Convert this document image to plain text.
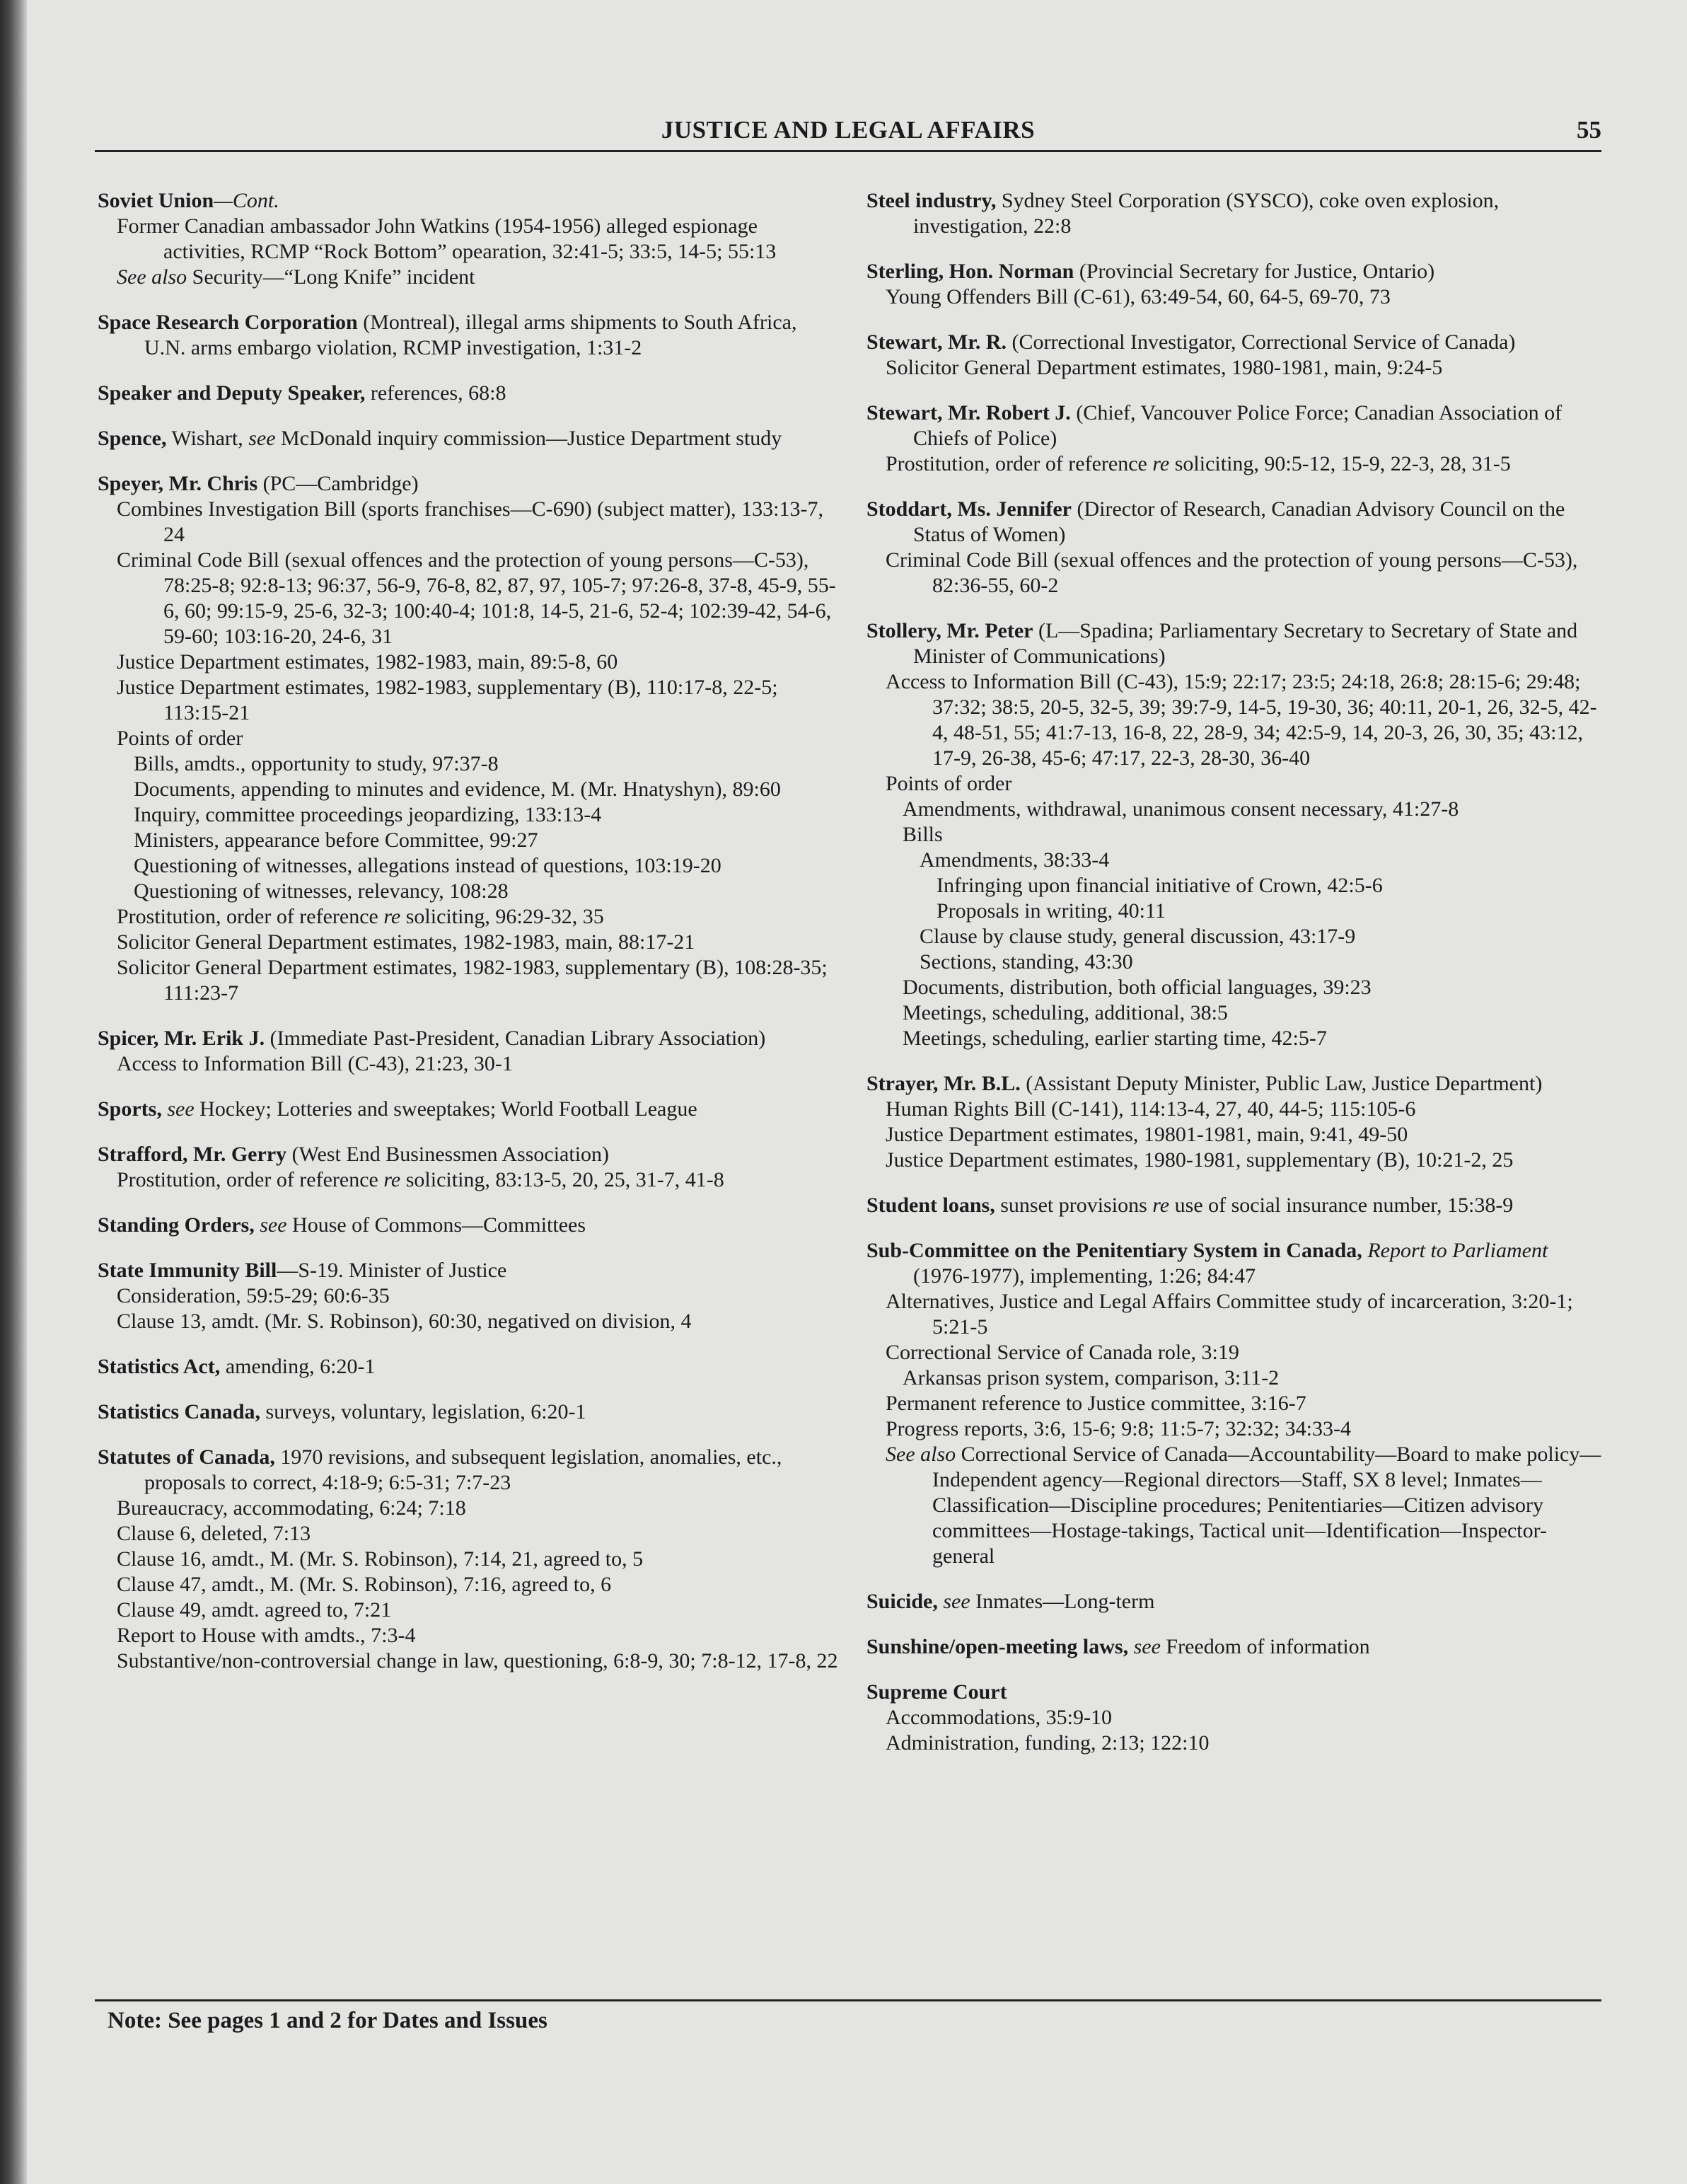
JUSTICE AND LEGAL AFFAIRS	55
Soviet Union—Cont.
Former Canadian ambassador John Watkins (1954-1956) alleged espionage activities, RCMP “Rock Bottom” opearation, 32:41-5; 33:5, 14-5; 55:13
See also Security—“Long Knife” incident
Space Research Corporation (Montreal), illegal arms shipments to South Africa, U.N. arms embargo violation, RCMP investigation, 1:31-2
Speaker and Deputy Speaker, references, 68:8
Spence, Wishart, see McDonald inquiry commission—Justice Department study
Speyer, Mr. Chris (PC—Cambridge)
Combines Investigation Bill (sports franchises—C-690) (subject matter), 133:13-7, 24
Criminal Code Bill (sexual offences and the protection of young persons—C-53), 78:25-8; 92:8-13; 96:37, 56-9, 76-8, 82, 87, 97, 105-7; 97:26-8, 37-8, 45-9, 55-6, 60; 99:15-9, 25-6, 32-3; 100:40-4; 101:8, 14-5, 21-6, 52-4; 102:39-42, 54-6, 59-60; 103:16-20, 24-6, 31
Justice Department estimates, 1982-1983, main, 89:5-8, 60
Justice Department estimates, 1982-1983, supplementary (B), 110:17-8, 22-5; 113:15-21
Points of order
Bills, amdts., opportunity to study, 97:37-8
Documents, appending to minutes and evidence, M. (Mr. Hnatyshyn), 89:60
Inquiry, committee proceedings jeopardizing, 133:13-4
Ministers, appearance before Committee, 99:27
Questioning of witnesses, allegations instead of questions, 103:19-20
Questioning of witnesses, relevancy, 108:28
Prostitution, order of reference re soliciting, 96:29-32, 35
Solicitor General Department estimates, 1982-1983, main, 88:17-21
Solicitor General Department estimates, 1982-1983, supplementary (B), 108:28-35; 111:23-7
Spicer, Mr. Erik J. (Immediate Past-President, Canadian Library Association)
Access to Information Bill (C-43), 21:23, 30-1
Sports, see Hockey; Lotteries and sweeptakes; World Football League
Strafford, Mr. Gerry (West End Businessmen Association)
Prostitution, order of reference re soliciting, 83:13-5, 20, 25, 31-7, 41-8
Standing Orders, see House of Commons—Committees
State Immunity Bill—S-19. Minister of Justice
Consideration, 59:5-29; 60:6-35
Clause 13, amdt. (Mr. S. Robinson), 60:30, negatived on division, 4
Statistics Act, amending, 6:20-1
Statistics Canada, surveys, voluntary, legislation, 6:20-1
Statutes of Canada, 1970 revisions, and subsequent legislation, anomalies, etc., proposals to correct, 4:18-9; 6:5-31; 7:7-23
Bureaucracy, accommodating, 6:24; 7:18
Clause 6, deleted, 7:13
Clause 16, amdt., M. (Mr. S. Robinson), 7:14, 21, agreed to, 5
Clause 47, amdt., M. (Mr. S. Robinson), 7:16, agreed to, 6
Clause 49, amdt. agreed to, 7:21
Report to House with amdts., 7:3-4
Substantive/non-controversial change in law, questioning, 6:8-9, 30; 7:8-12, 17-8, 22
Steel industry, Sydney Steel Corporation (SYSCO), coke oven explosion, investigation, 22:8
Sterling, Hon. Norman (Provincial Secretary for Justice, Ontario)
Young Offenders Bill (C-61), 63:49-54, 60, 64-5, 69-70, 73
Stewart, Mr. R. (Correctional Investigator, Correctional Service of Canada)
Solicitor General Department estimates, 1980-1981, main, 9:24-5
Stewart, Mr. Robert J. (Chief, Vancouver Police Force; Canadian Association of Chiefs of Police)
Prostitution, order of reference re soliciting, 90:5-12, 15-9, 22-3, 28, 31-5
Stoddart, Ms. Jennifer (Director of Research, Canadian Advisory Council on the Status of Women)
Criminal Code Bill (sexual offences and the protection of young persons—C-53), 82:36-55, 60-2
Stollery, Mr. Peter (L—Spadina; Parliamentary Secretary to Secretary of State and Minister of Communications)
Access to Information Bill (C-43), 15:9; 22:17; 23:5; 24:18, 26:8; 28:15-6; 29:48; 37:32; 38:5, 20-5, 32-5, 39; 39:7-9, 14-5, 19-30, 36; 40:11, 20-1, 26, 32-5, 42-4, 48-51, 55; 41:7-13, 16-8, 22, 28-9, 34; 42:5-9, 14, 20-3, 26, 30, 35; 43:12, 17-9, 26-38, 45-6; 47:17, 22-3, 28-30, 36-40
Points of order
Amendments, withdrawal, unanimous consent necessary, 41:27-8
Bills
Amendments, 38:33-4
Infringing upon financial initiative of Crown, 42:5-6
Proposals in writing, 40:11
Clause by clause study, general discussion, 43:17-9
Sections, standing, 43:30
Documents, distribution, both official languages, 39:23
Meetings, scheduling, additional, 38:5
Meetings, scheduling, earlier starting time, 42:5-7
Strayer, Mr. B.L. (Assistant Deputy Minister, Public Law, Justice Department)
Human Rights Bill (C-141), 114:13-4, 27, 40, 44-5; 115:105-6
Justice Department estimates, 19801-1981, main, 9:41, 49-50
Justice Department estimates, 1980-1981, supplementary (B), 10:21-2, 25
Student loans, sunset provisions re use of social insurance number, 15:38-9
Sub-Committee on the Penitentiary System in Canada, Report to Parliament (1976-1977), implementing, 1:26; 84:47
Alternatives, Justice and Legal Affairs Committee study of incarceration, 3:20-1; 5:21-5
Correctional Service of Canada role, 3:19
Arkansas prison system, comparison, 3:11-2
Permanent reference to Justice committee, 3:16-7
Progress reports, 3:6, 15-6; 9:8; 11:5-7; 32:32; 34:33-4
See also Correctional Service of Canada—Accountability—Board to make policy—Independent agency—Regional directors—Staff, SX 8 level; Inmates—Classification—Discipline procedures; Penitentiaries—Citizen advisory committees—Hostage-takings, Tactical unit—Identification—Inspector-general
Suicide, see Inmates—Long-term
Sunshine/open-meeting laws, see Freedom of information
Supreme Court
Accommodations, 35:9-10
Administration, funding, 2:13; 122:10
Note: See pages 1 and 2 for Dates and Issues
